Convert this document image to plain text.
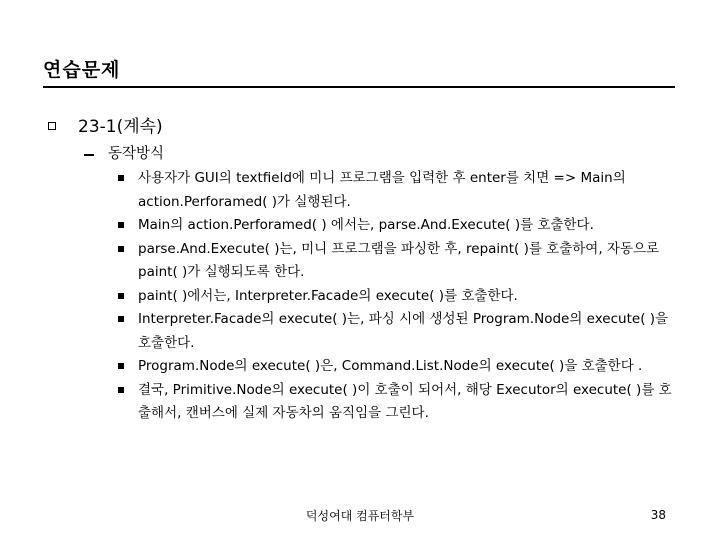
연습문제
23-1(계속)
동작방식
사용자가 GUI의 textfield에 미니 프로그램을 입력한 후 enter를 치면 => Main의 action.Perforamed( )가 실행된다.
Main의 action.Perforamed( ) 에서는, parse.And.Execute( )를 호출한다.
parse.And.Execute( )는, 미니 프로그램을 파싱한 후, repaint( )를 호출하여, 자동으로 paint( )가 실행되도록 한다.
paint( )에서는, Interpreter.Facade의 execute( )를 호출한다.
Interpreter.Facade의 execute( )는, 파싱 시에 생성된 Program.Node의 execute( )을 호출한다.
Program.Node의 execute( )은, Command.List.Node의 execute( )을 호출한다 .
결국, Primitive.Node의 execute( )이 호출이 되어서, 해당 Executor의 execute( )를 호출해서, 캔버스에 실제 자동차의 움직임을 그린다.
덕성여대 컴퓨터학부	38
